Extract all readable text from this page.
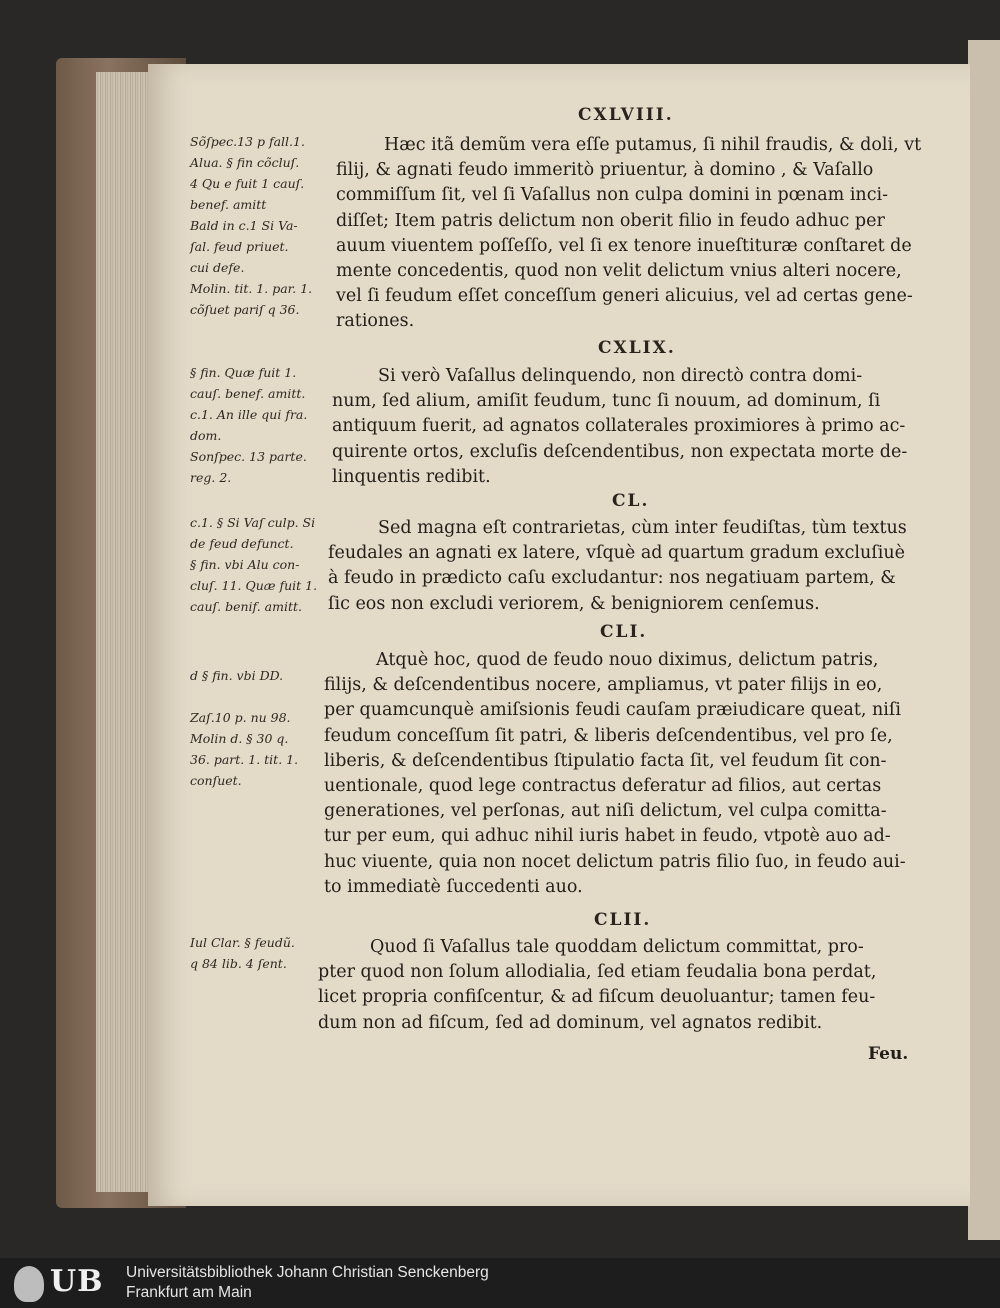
CXLVIII.
Sõſpec.13 p fall.1.
Alua. § fin cõcluſ.
4 Qu e fuit 1 cauſ.
benef. amitt
Bald in c.1 Si Va-
ſal. feud priuet.
cui defe.
Molin. tit. 1. par. 1.
cõſuet pariſ q 36.
Hæc itã demũm vera eſſe putamus, ſi nihil fraudis, & doli, vt
filij, & agnati feudo immeritò priuentur, à domino , & Vaſallo
commiſſum ſit, vel ſi Vaſallus non culpa domini in pœnam inci-
diſſet; Item patris delictum non oberit filio in feudo adhuc per
auum viuentem poſſeſſo, vel ſi ex tenore inueſtituræ conſtaret de
mente concedentis, quod non velit delictum vnius alteri nocere,
vel ſi feudum eſſet conceſſum generi alicuius, vel ad certas gene-
rationes.
CXLIX.
§ fin. Quæ fuit 1.
cauſ. benef. amitt.
c.1. An ille qui fra.
dom.
Sonſpec. 13 parte.
reg. 2.
Si verò Vaſallus delinquendo, non directò contra domi-
num, ſed alium, amiſit feudum, tunc ſi nouum, ad dominum, ſi
antiquum fuerit, ad agnatos collaterales proximiores à primo ac-
quirente ortos, excluſis deſcendentibus, non expectata morte de-
linquentis redibit.
CL.
c.1. § Si Vaſ culp. Si
de feud defunct.
§ fin. vbi Alu con-
cluſ. 11. Quæ fuit 1.
cauſ. benif. amitt.
Sed magna eſt contrarietas, cùm inter feudiſtas, tùm textus
feudales an agnati ex latere, vſquè ad quartum gradum excluſiuè
à feudo in prædicto caſu excludantur: nos negatiuam partem, &
ſic eos non excludi veriorem, & benigniorem cenſemus.
CLI.
d § fin. vbi DD.
Zaſ.10 p. nu 98.
Molin d. § 30 q.
36. part. 1. tit. 1.
conſuet.
Atquè hoc, quod de feudo nouo diximus, delictum patris,
filijs, & deſcendentibus nocere, ampliamus, vt pater filijs in eo,
per quamcunquè amiſsionis feudi cauſam præiudicare queat, niſi
feudum conceſſum ſit patri, & liberis deſcendentibus, vel pro ſe,
liberis, & deſcendentibus ſtipulatio facta ſit, vel feudum ſit con-
uentionale, quod lege contractus deferatur ad filios, aut certas
generationes, vel perſonas, aut niſi delictum, vel culpa comitta-
tur per eum, qui adhuc nihil iuris habet in feudo, vtpotè auo ad-
huc viuente, quia non nocet delictum patris filio ſuo, in feudo aui-
to immediatè ſuccedenti auo.
CLII.
Iul Clar. § feudũ.
q 84 lib. 4 ſent.
Quod ſi Vaſallus tale quoddam delictum committat, pro-
pter quod non ſolum allodialia, ſed etiam feudalia bona perdat,
licet propria confiſcentur, & ad fiſcum deuoluantur; tamen feu-
dum non ad fiſcum, ſed ad dominum, vel agnatos redibit.
Feu.
UB Universitätsbibliothek Johann Christian Senckenberg
Frankfurt am Main
